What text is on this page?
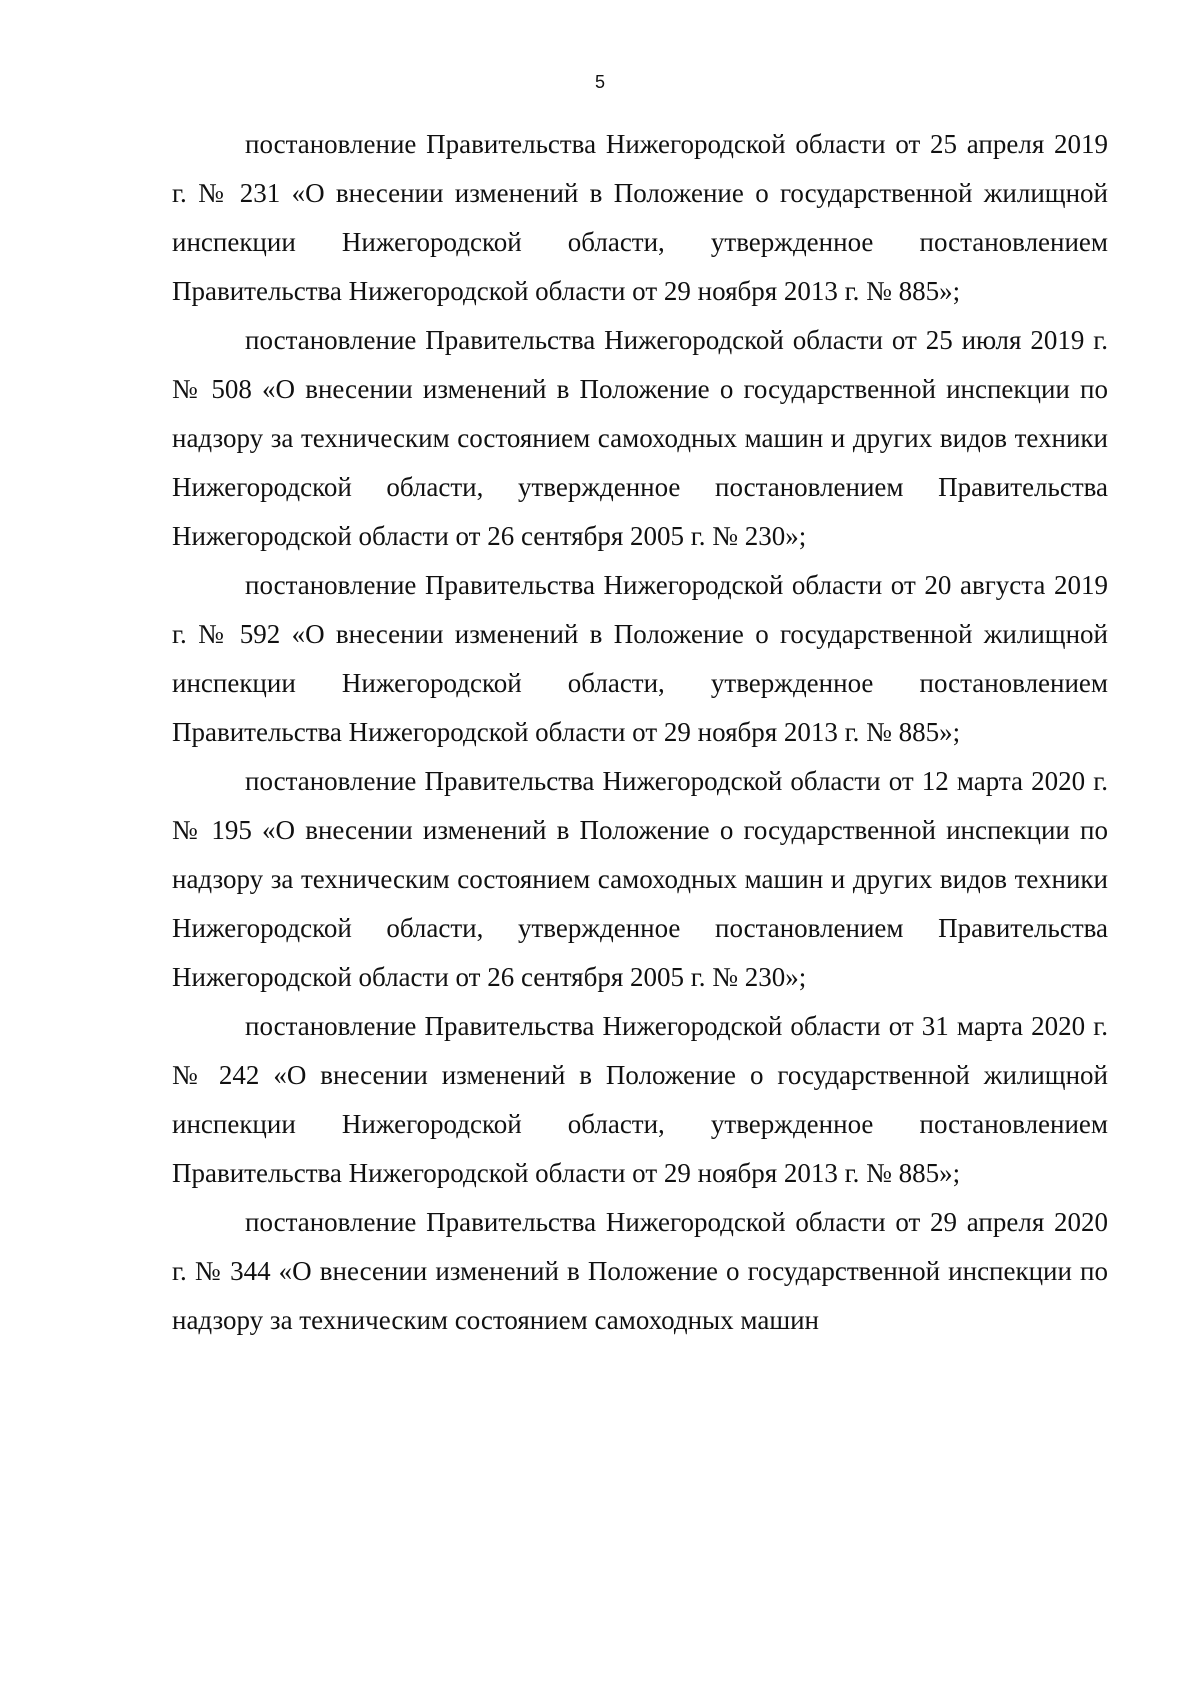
5

постановление Правительства Нижегородской области от 25 апреля 2019 г. № 231 «О внесении изменений в Положение о государственной жилищной инспекции Нижегородской области, утвержденное постановлением Правительства Нижегородской области от 29 ноября 2013 г. № 885»;

постановление Правительства Нижегородской области от 25 июля 2019 г. № 508 «О внесении изменений в Положение о государственной инспекции по надзору за техническим состоянием самоходных машин и других видов техники Нижегородской области, утвержденное постановлением Правительства Нижегородской области от 26 сентября 2005 г. № 230»;

постановление Правительства Нижегородской области от 20 августа 2019 г. № 592 «О внесении изменений в Положение о государственной жилищной инспекции Нижегородской области, утвержденное постановлением Правительства Нижегородской области от 29 ноября 2013 г. № 885»;

постановление Правительства Нижегородской области от 12 марта 2020 г. № 195 «О внесении изменений в Положение о государственной инспекции по надзору за техническим состоянием самоходных машин и других видов техники Нижегородской области, утвержденное постановлением Правительства Нижегородской области от 26 сентября 2005 г. № 230»;

постановление Правительства Нижегородской области от 31 марта 2020 г. № 242 «О внесении изменений в Положение о государственной жилищной инспекции Нижегородской области, утвержденное постановлением Правительства Нижегородской области от 29 ноября 2013 г. № 885»;

постановление Правительства Нижегородской области от 29 апреля 2020 г. № 344 «О внесении изменений в Положение о государственной инспекции по надзору за техническим состоянием самоходных машин
